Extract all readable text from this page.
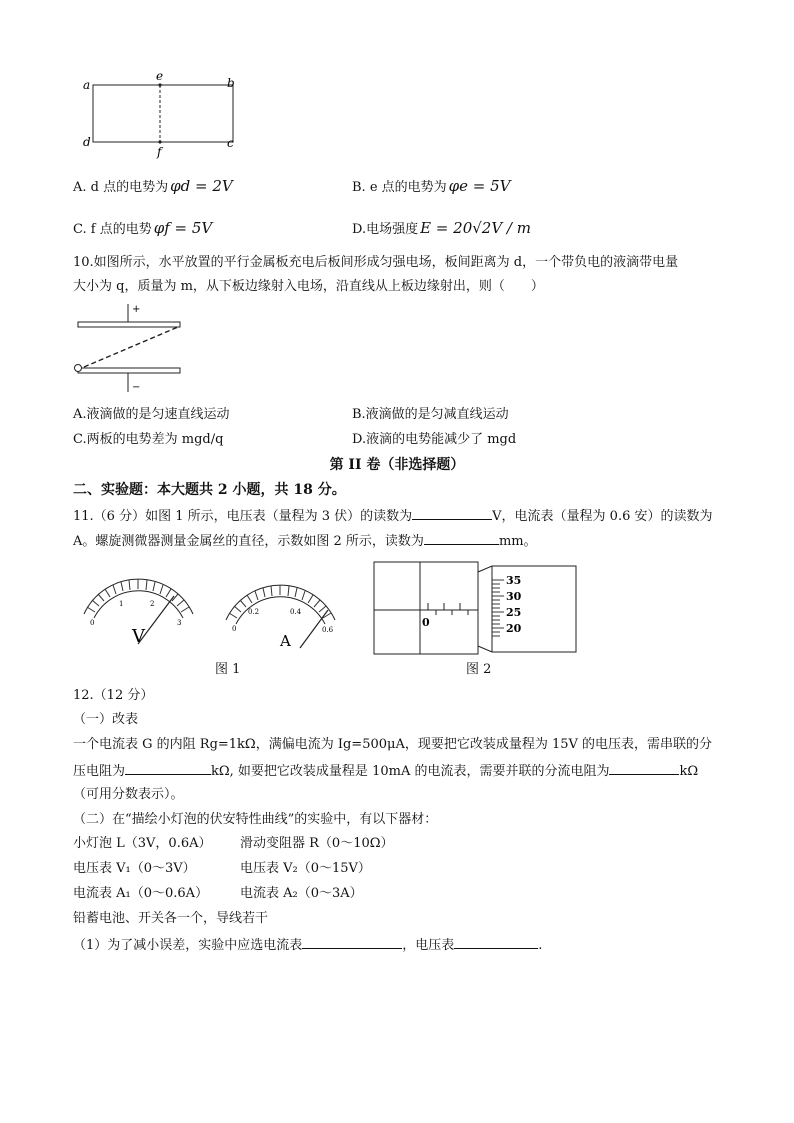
a
e	b
d
f
c
A. d 点的电势为 φd = 2V	B. e 点的电势为 φe = 5V
C. f 点的电势 φf = 5V	D.电场强度 E = 20√2V / m
10.如图所示，水平放置的平行金属板充电后板间形成匀强电场，板间距离为 d，一个带负电的液滴带电量
大小为 q，质量为 m，从下板边缘射入电场，沿直线从上板边缘射出，则（　　）
+
−
A.液滴做的是匀速直线运动	B.液滴做的是匀减直线运动
C.两板的电势差为 mgd/q	D.液滴的电势能减少了 mgd
第 II 卷（非选择题）
二、实验题：本大题共 2 小题，共 18 分。
11.（6 分）如图 1 所示，电压表（量程为 3 伏）的读数为	V，电流表（量程为 0.6 安）的读数为
A。螺旋测微器测量金属丝的直径，示数如图 2 所示，读数为	mm。
0
1	2
3
V	0
0.2	0.4
0.6
A
0
35
30
25
20
图 1	图 2
12.（12 分）
（一）改表
一个电流表 G 的内阻 Rg=1kΩ，满偏电流为 Ig=500μA，现要把它改装成量程为 15V 的电压表，需串联的分
压电阻为	kΩ, 如要把它改装成量程是 10mA 的电流表，需要并联的分流电阻为	kΩ
（可用分数表示）。
（二）在“描绘小灯泡的伏安特性曲线”的实验中，有以下器材：
小灯泡 L（3V，0.6A） 滑动变阻器 R（0～10Ω）
电压表 V₁（0～3V）	电压表 V₂（0～15V）
电流表 A₁（0～0.6A） 电流表 A₂（0～3A）
铅蓄电池、开关各一个，导线若干
（1）为了减小误差，实验中应选电流表	，电压表	.
